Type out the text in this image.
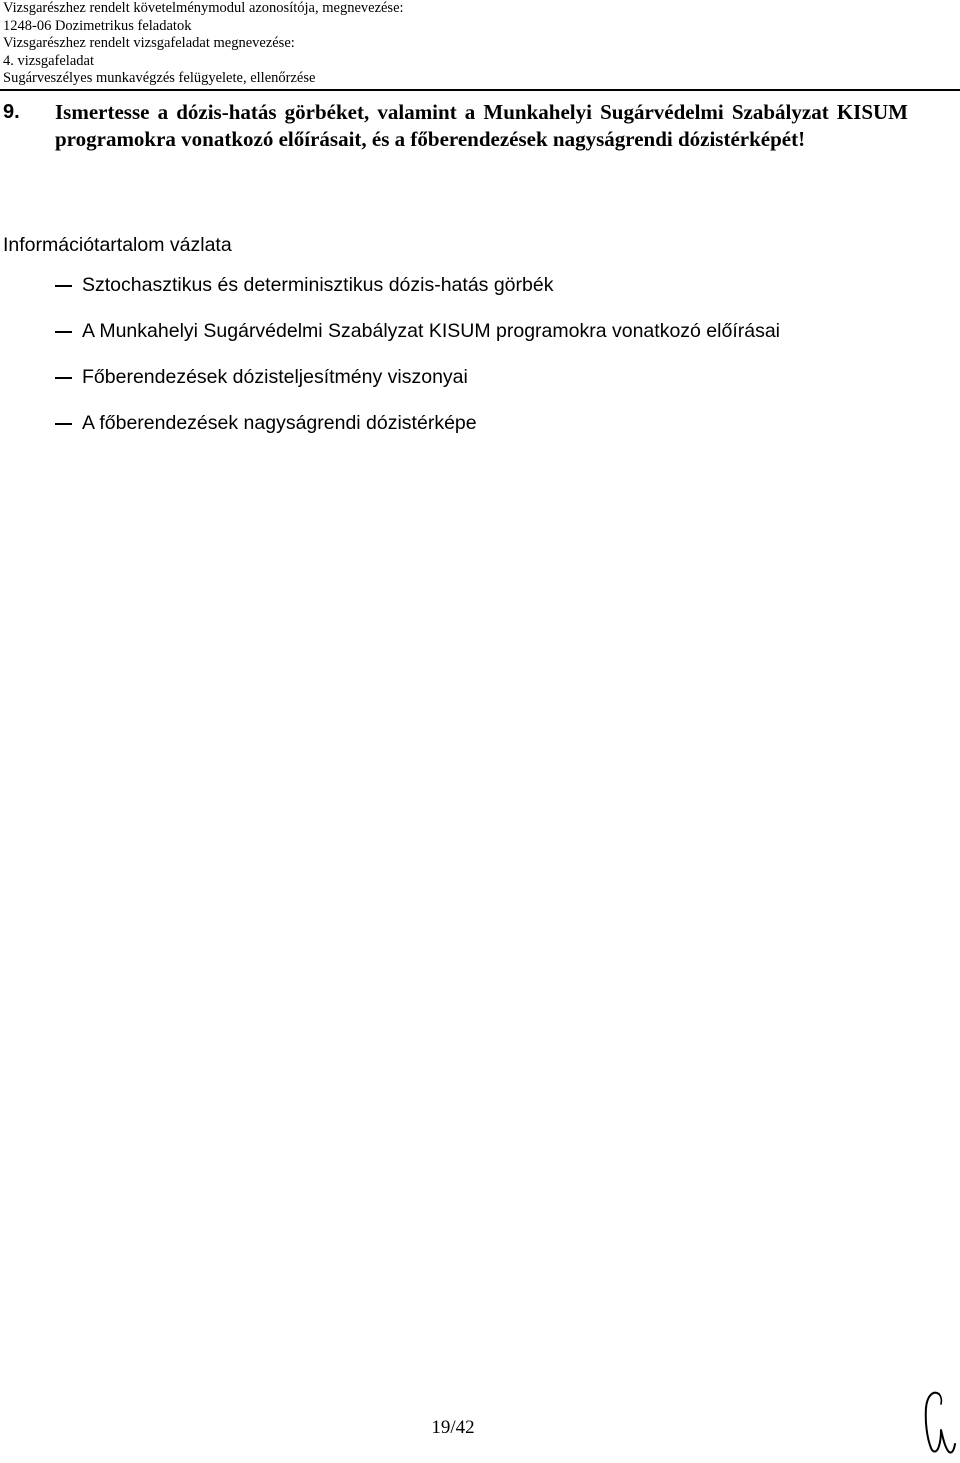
Vizsgarészhez rendelt követelménymodul azonosítója, megnevezése:
1248-06 Dozimetrikus feladatok
Vizsgarészhez rendelt vizsgafeladat megnevezése:
4. vizsgafeladat
Sugárveszélyes munkavégzés felügyelete, ellenőrzése
9. Ismertesse a dózis-hatás görbéket, valamint a Munkahelyi Sugárvédelmi Szabályzat KISUM programokra vonatkozó előírásait, és a főberendezések nagyságrendi dózistérképét!
Információtartalom vázlata
Sztochasztikus és determinisztikus dózis-hatás görbék
A Munkahelyi Sugárvédelmi Szabályzat KISUM programokra vonatkozó előírásai
Főberendezések dózisteljesítmény viszonyai
A főberendezések nagyságrendi dózistérképe
19/42
